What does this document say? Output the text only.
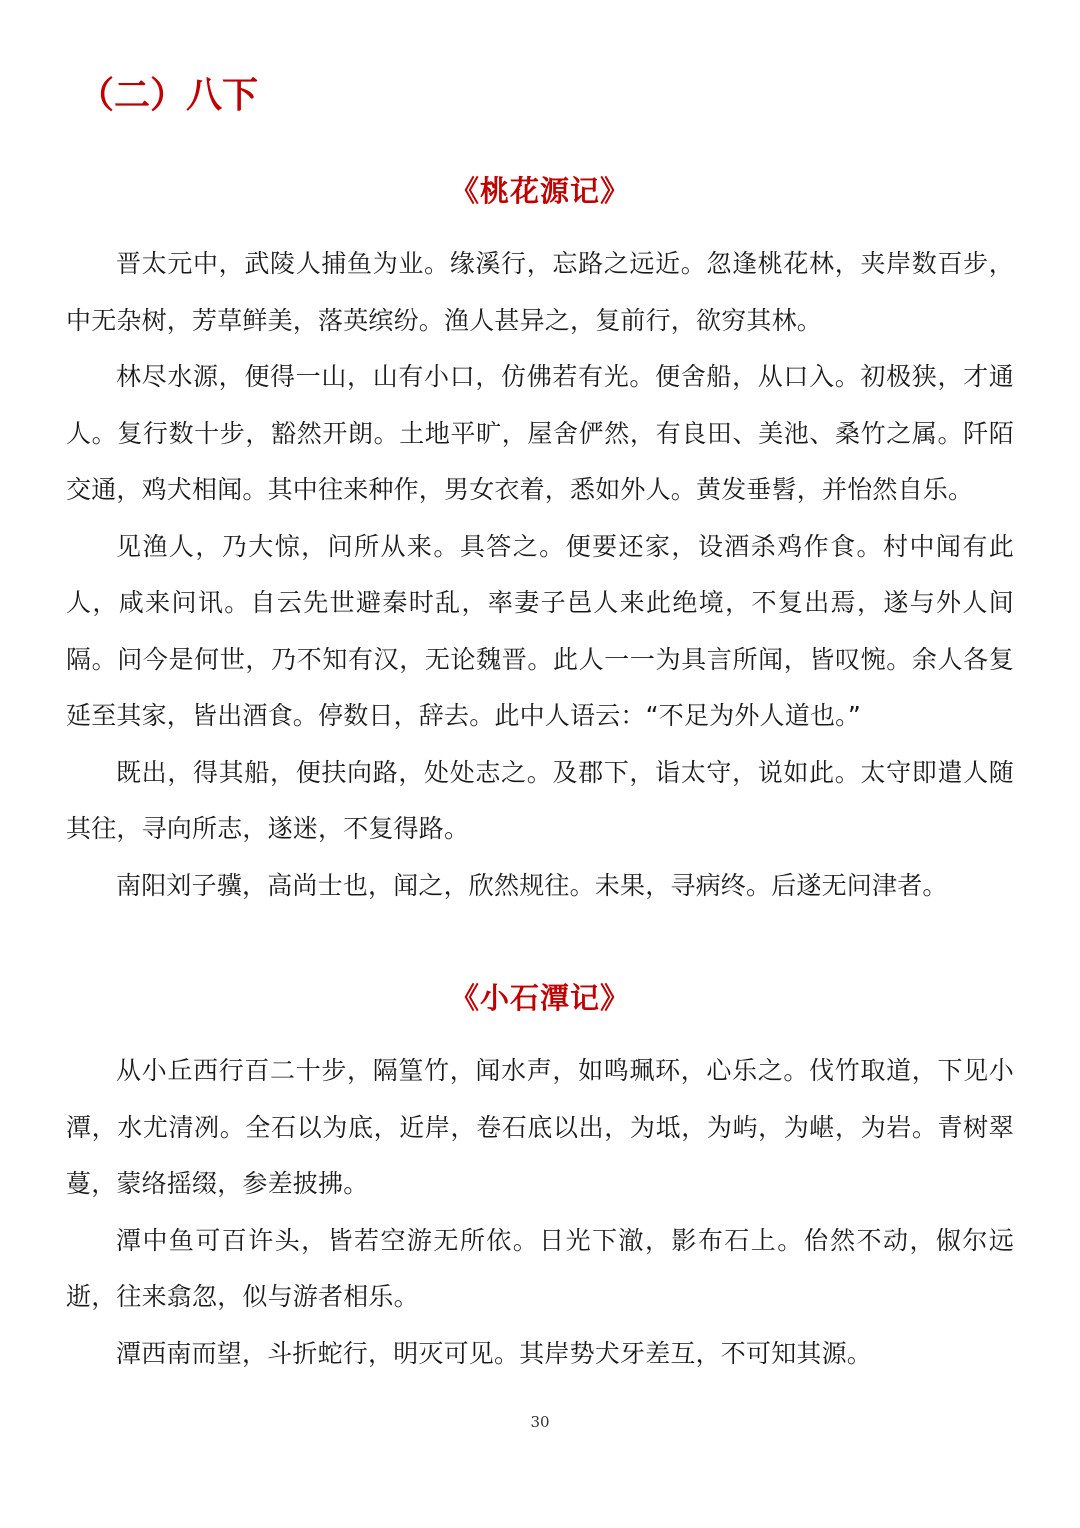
（二）八下
《桃花源记》

晋太元中，武陵人捕鱼为业。缘溪行，忘路之远近。忽逢桃花林，夹岸数百步，中无杂树，芳草鲜美，落英缤纷。渔人甚异之，复前行，欲穷其林。

林尽水源，便得一山，山有小口，仿佛若有光。便舍船，从口入。初极狭，才通人。复行数十步，豁然开朗。土地平旷，屋舍俨然，有良田、美池、桑竹之属。阡陌交通，鸡犬相闻。其中往来种作，男女衣着，悉如外人。黄发垂髫，并怡然自乐。

见渔人，乃大惊，问所从来。具答之。便要还家，设酒杀鸡作食。村中闻有此人，咸来问讯。自云先世避秦时乱，率妻子邑人来此绝境，不复出焉，遂与外人间隔。问今是何世，乃不知有汉，无论魏晋。此人一一为具言所闻，皆叹惋。余人各复延至其家，皆出酒食。停数日，辞去。此中人语云：“不足为外人道也。”

既出，得其船，便扶向路，处处志之。及郡下，诣太守，说如此。太守即遣人随其往，寻向所志，遂迷，不复得路。

南阳刘子骥，高尚士也，闻之，欣然规往。未果，寻病终。后遂无问津者。

《小石潭记》

从小丘西行百二十步，隔篁竹，闻水声，如鸣珮环，心乐之。伐竹取道，下见小潭，水尤清冽。全石以为底，近岸，卷石底以出，为坻，为屿，为嵁，为岩。青树翠蔓，蒙络摇缀，参差披拂。

潭中鱼可百许头，皆若空游无所依。日光下澈，影布石上。佁然不动，俶尔远逝，往来翕忽，似与游者相乐。

潭西南而望，斗折蛇行，明灭可见。其岸势犬牙差互，不可知其源。

30
